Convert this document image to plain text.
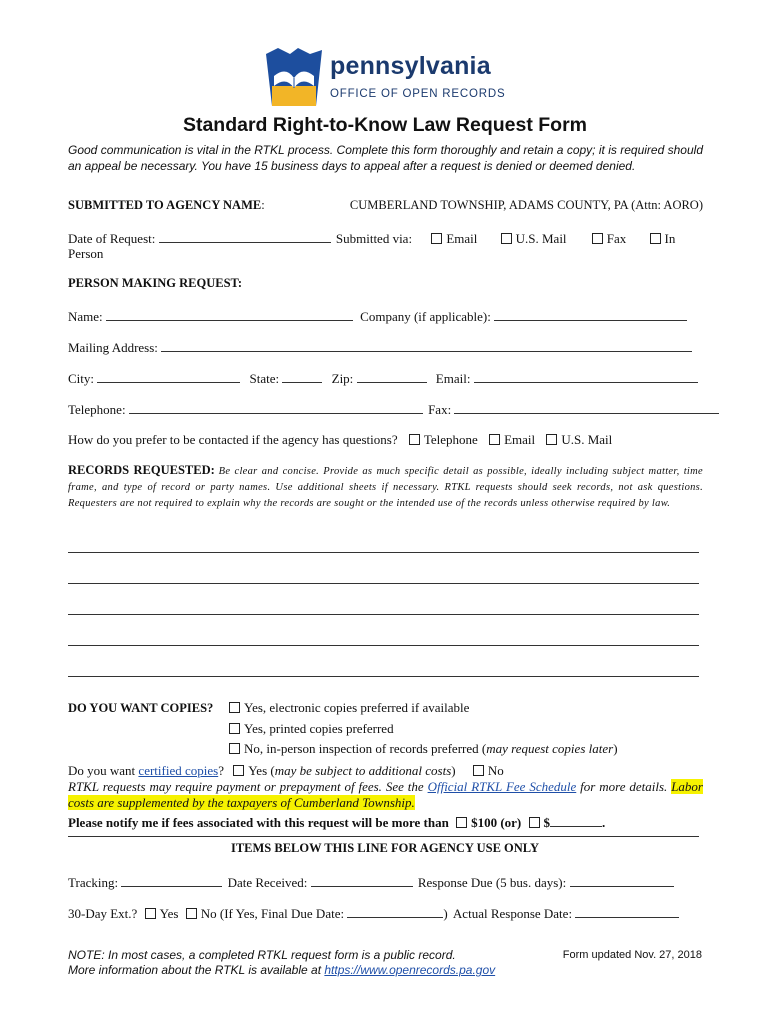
pennsylvania
OFFICE OF OPEN RECORDS
Standard Right-to-Know Law Request Form
Good communication is vital in the RTKL process. Complete this form thoroughly and retain a copy; it is required should an appeal be necessary. You have 15 business days to appeal after a request is denied or deemed denied.
SUBMITTED TO AGENCY NAME:	CUMBERLAND TOWNSHIP, ADAMS COUNTY, PA (Attn: AORO)
Date of Request:	Submitted via:	Email	U.S. Mail	Fax	In
Person
PERSON MAKING REQUEST:
Name:	Company (if applicable):
Mailing Address:
City:	State:	Zip:	Email:
Telephone:	Fax:
How do you prefer to be contacted if the agency has questions? Telephone Email U.S. Mail
RECORDS REQUESTED: Be clear and concise. Provide as much specific detail as possible, ideally including subject matter, time frame, and type of record or party names. Use additional sheets if necessary. RTKL requests should seek records, not ask questions. Requesters are not required to explain why the records are sought or the intended use of the records unless otherwise required by law.
DO YOU WANT COPIES?	Yes, electronic copies preferred if available
Yes, printed copies preferred
No, in-person inspection of records preferred (may request copies later)
Do you want certified copies? Yes (may be subject to additional costs) No
RTKL requests may require payment or prepayment of fees. See the Official RTKL Fee Schedule for more details. Labor costs are supplemented by the taxpayers of Cumberland Township.
Please notify me if fees associated with this request will be more than $100 (or) $	.
ITEMS BELOW THIS LINE FOR AGENCY USE ONLY
Tracking:	Date Received:	Response Due (5 bus. days):
30-Day Ext.? Yes No (If Yes, Final Due Date:	) Actual Response Date:
NOTE: In most cases, a completed RTKL request form is a public record.
More information about the RTKL is available at https://www.openrecords.pa.gov
Form updated Nov. 27, 2018
